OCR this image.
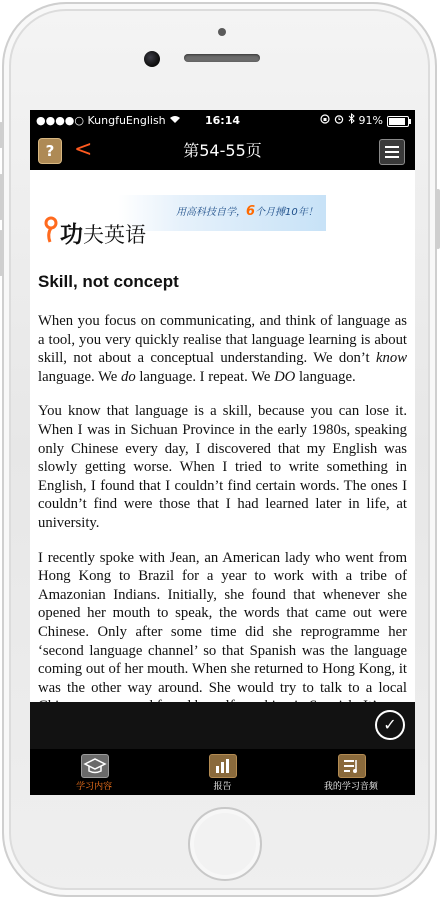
●●●●○ KungfuEnglish	16:14	91%
第54-55页
? <
用高科技自学，6个月搏10年！
功夫英语
Skill, not concept

When you focus on communicating, and think of language as a tool, you very quickly realise that language learning is about skill, not about a conceptual understanding. We don’t know language. We do language. I repeat. We DO language.

You know that language is a skill, because you can lose it. When I was in Sichuan Province in the early 1980s, speaking only Chinese every day, I discovered that my English was slowly getting worse. When I tried to write something in English, I found that I couldn’t find certain words. The ones I couldn’t find were those that I had learned later in life, at university.

I recently spoke with Jean, an American lady who went from Hong Kong to Brazil for a year to work with a tribe of Amazonian Indians. Initially, she found that whenever she opened her mouth to speak, the words that came out were Chinese. Only after some time did she reprogramme her ‘second language channel’ so that Spanish was the language coming out of her mouth. When she returned to Hong Kong, it was the other way around. She would try to talk to a local

✓
学习内容	报告	我的学习音频
